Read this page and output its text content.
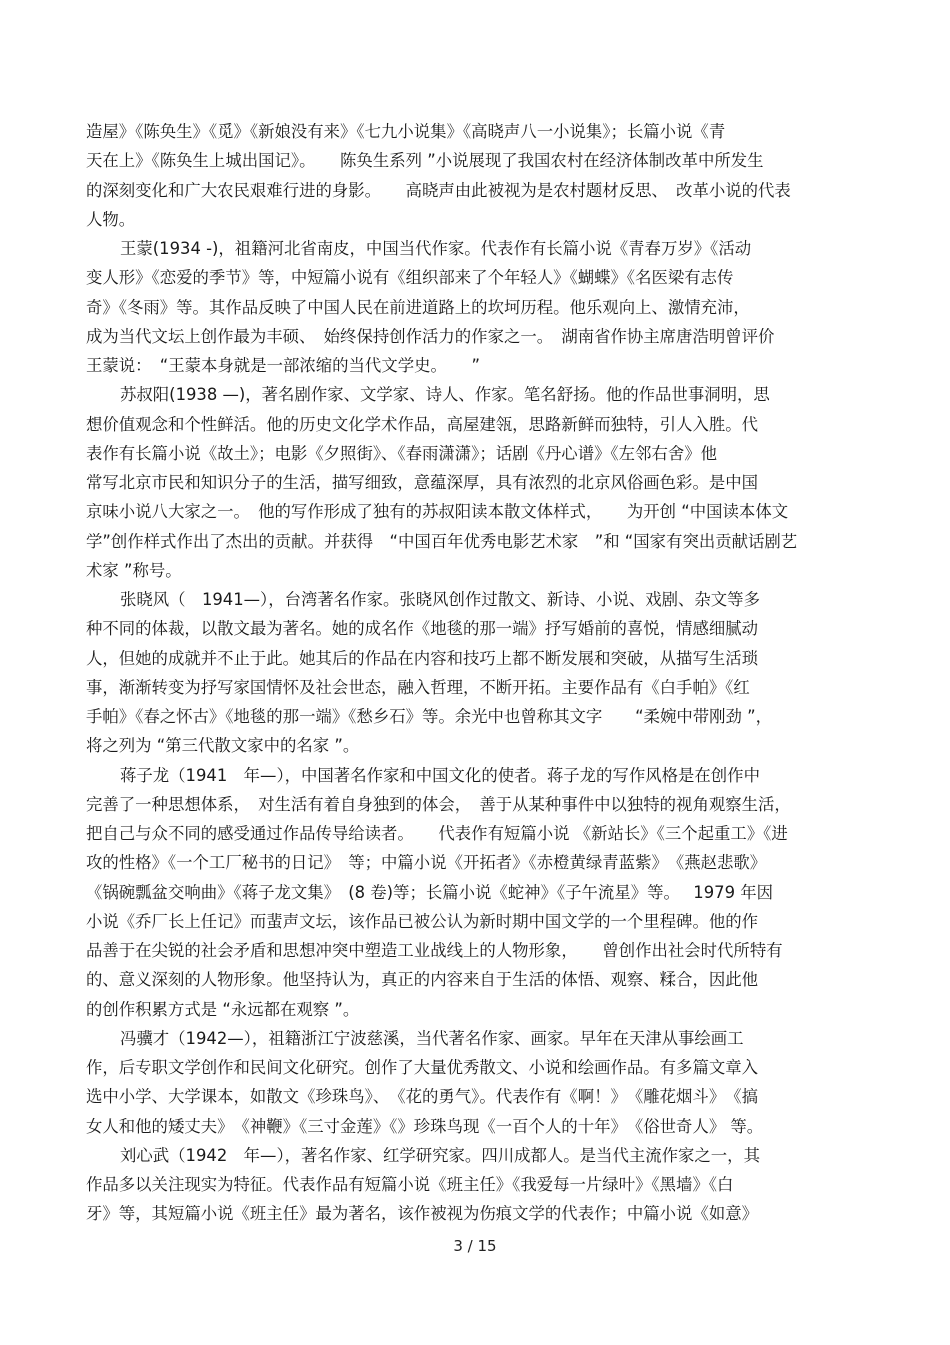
造屋》《陈奂生》《觅》《新娘没有来》《七九小说集》《高晓声八一小说集》；长篇小说《青
天在上》《陈奂生上城出国记》。　　陈奂生系列 ”小说展现了我国农村在经济体制改革中所发生
的深刻变化和广大农民艰难行进的身影。　　高晓声由此被视为是农村题材反思、　改革小说的代表
人物。
王蒙(1934 -)，祖籍河北省南皮，中国当代作家。代表作有长篇小说《青春万岁》《活动
变人形》《恋爱的季节》等，中短篇小说有《组织部来了个年轻人》《蝴蝶》《名医梁有志传
奇》《冬雨》等。其作品反映了中国人民在前进道路上的坎坷历程。他乐观向上、激情充沛，
成为当代文坛上创作最为丰硕、　始终保持创作活力的作家之一。　湖南省作协主席唐浩明曾评价
王蒙说：　“王蒙本身就是一部浓缩的当代文学史。　　”
苏叔阳(1938 —)，著名剧作家、文学家、诗人、作家。笔名舒扬。他的作品世事洞明，思
想价值观念和个性鲜活。他的历史文化学术作品，高屋建瓴，思路新鲜而独特，引人入胜。代
表作有长篇小说《故土》；电影《夕照街》、《春雨潇潇》；话剧《丹心谱》《左邻右舍》他
常写北京市民和知识分子的生活，描写细致，意蕴深厚，具有浓烈的北京风俗画色彩。是中国
京味小说八大家之一。　他的写作形成了独有的苏叔阳读本散文体样式，　　为开创 “中国读本体文
学”创作样式作出了杰出的贡献。并获得　“中国百年优秀电影艺术家　”和 “国家有突出贡献话剧艺
术家 ”称号。
张晓风（　1941—），台湾著名作家。张晓风创作过散文、新诗、小说、戏剧、杂文等多
种不同的体裁，以散文最为著名。她的成名作《地毯的那一端》抒写婚前的喜悦，情感细腻动
人，但她的成就并不止于此。她其后的作品在内容和技巧上都不断发展和突破，从描写生活琐
事，渐渐转变为抒写家国情怀及社会世态，融入哲理，不断开拓。主要作品有《白手帕》《红
手帕》《春之怀古》《地毯的那一端》《愁乡石》等。余光中也曾称其文字　　“柔婉中带刚劲 ”，
将之列为 “第三代散文家中的名家 ”。
蒋子龙（1941　年—），中国著名作家和中国文化的使者。蒋子龙的写作风格是在创作中
完善了一种思想体系，　对生活有着自身独到的体会，　善于从某种事件中以独特的视角观察生活，
把自己与众不同的感受通过作品传导给读者。　　代表作有短篇小说 《新站长》《三个起重工》《进
攻的性格》《一个工厂秘书的日记》　等；中篇小说《开拓者》《赤橙黄绿青蓝紫》　《燕赵悲歌》
《锅碗瓢盆交响曲》《蒋子龙文集》　(8 卷)等；长篇小说《蛇神》《子午流星》等。　 1979 年因
小说《乔厂长上任记》而蜚声文坛，该作品已被公认为新时期中国文学的一个里程碑。他的作
品善于在尖锐的社会矛盾和思想冲突中塑造工业战线上的人物形象，　　曾创作出社会时代所特有
的、意义深刻的人物形象。他坚持认为，真正的内容来自于生活的体悟、观察、糅合，因此他
的创作积累方式是 “永远都在观察 ”。
冯骥才（1942—），祖籍浙江宁波慈溪，当代著名作家、画家。早年在天津从事绘画工
作，后专职文学创作和民间文化研究。创作了大量优秀散文、小说和绘画作品。有多篇文章入
选中小学、大学课本，如散文《珍珠鸟》、　《花的勇气》。代表作有《啊！》　《雕花烟斗》　《搞
女人和他的矮丈夫》　《神鞭》《三寸金莲》《》珍珠鸟现《一百个人的十年》　《俗世奇人》 等。
刘心武（1942　年—），著名作家、红学研究家。四川成都人。是当代主流作家之一，其
作品多以关注现实为特征。代表作品有短篇小说《班主任》《我爱每一片绿叶》《黑墙》《白
牙》等，其短篇小说《班主任》最为著名，该作被视为伤痕文学的代表作；中篇小说《如意》
3 / 15
